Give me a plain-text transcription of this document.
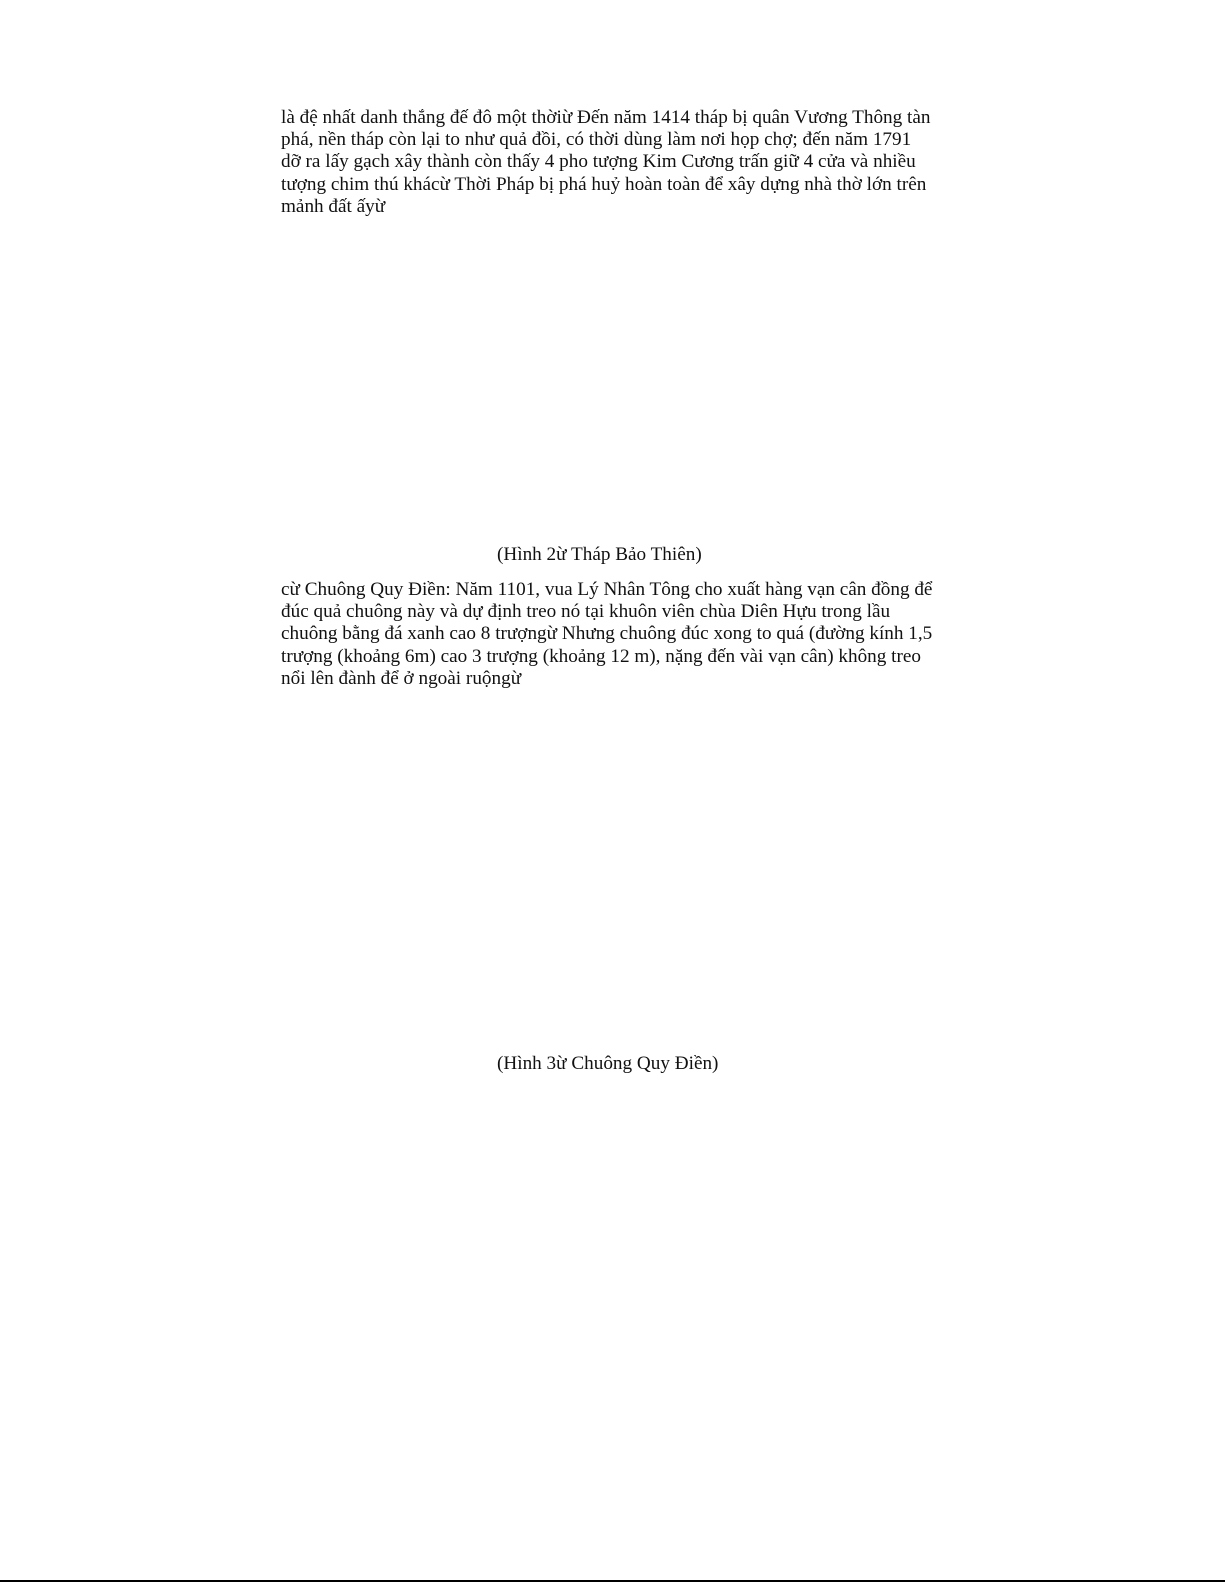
là đệ nhất danh thắng đế đô một thờiừ Đến năm 1414 tháp bị quân Vương Thông tàn
phá, nền tháp còn lại to như quả đồi, có thời dùng làm nơi họp chợ; đến năm 1791
dỡ ra lấy gạch xây thành còn thấy 4 pho tượng Kim Cương trấn giữ 4 cửa và nhiều
tượng chim thú khácừ Thời Pháp bị phá huỷ hoàn toàn để xây dựng nhà thờ lớn trên
mảnh đất ấyừ

(Hình 2ừ Tháp Bảo Thiên)

cừ Chuông Quy Điền: Năm 1101, vua Lý Nhân Tông cho xuất hàng vạn cân đồng để
đúc quả chuông này và dự định treo nó tại khuôn viên chùa Diên Hựu trong lầu
chuông bằng đá xanh cao 8 trượngừ Nhưng chuông đúc xong to quá (đường kính 1,5
trượng (khoảng 6m) cao 3 trượng (khoảng 12 m), nặng đến vài vạn cân) không treo
nổi lên đành để ở ngoài ruộngừ

(Hình 3ừ Chuông Quy Điền)
